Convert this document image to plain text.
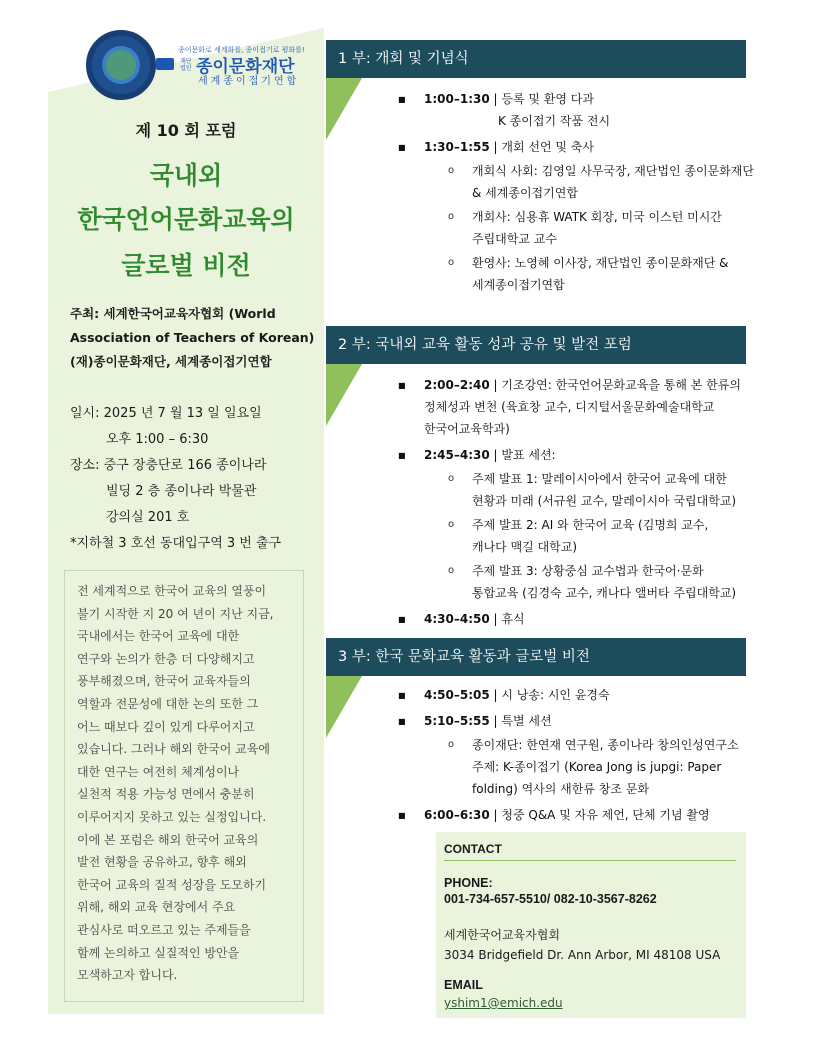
종이문화로 세계화를, 종이접기로 평화를!
재단법인 종이문화재단
세계종이접기연합
제 10 회 포럼
국내외
한국언어문화교육의
글로벌 비전
주최: 세계한국어교육자협회 (World
Association of Teachers of Korean)
(재)종이문화재단, 세계종이접기연합
일시: 2025 년 7 월 13 일 일요일
오후 1:00 – 6:30
장소: 중구 장충단로 166 종이나라
빌딩 2 층 종이나라 박물관
강의실 201 호
*지하철 3 호선 동대입구역 3 번 출구
전 세계적으로 한국어 교육의 열풍이
불기 시작한 지 20 여 년이 지난 지금,
국내에서는 한국어 교육에 대한
연구와 논의가 한층 더 다양해지고
풍부해졌으며, 한국어 교육자들의
역할과 전문성에 대한 논의 또한 그
어느 때보다 깊이 있게 다루어지고
있습니다. 그러나 해외 한국어 교육에
대한 연구는 여전히 체계성이나
실천적 적용 가능성 면에서 충분히
이루어지지 못하고 있는 실정입니다.
이에 본 포럼은 해외 한국어 교육의
발전 현황을 공유하고, 향후 해외
한국어 교육의 질적 성장을 도모하기
위해, 해외 교육 현장에서 주요
관심사로 떠오르고 있는 주제들을
함께 논의하고 실질적인 방안을
모색하고자 합니다.
1 부: 개회 및 기념식
2 부: 국내외 교육 활동 성과 공유 및 발전 포럼
3 부: 한국 문화교육 활동과 글로벌 비전
■ 1:00–1:30 | 등록 및 환영 다과
K 종이접기 작품 전시
■ 1:30–1:55 | 개회 선언 및 축사
o 개회식 사회: 김영일 사무국장, 재단법인 종이문화재단
& 세계종이접기연합
o 개회사: 심용휴 WATK 회장, 미국 이스턴 미시간
주립대학교 교수
o 환영사: 노영혜 이사장, 재단법인 종이문화재단 &
세계종이접기연합
■ 2:00–2:40 | 기조강연: 한국언어문화교육을 통해 본 한류의
정체성과 변천 (육효창 교수, 디지털서울문화예술대학교
한국어교육학과)
■ 2:45–4:30 | 발표 세션:
o 주제 발표 1: 말레이시아에서 한국어 교육에 대한
현황과 미래 (서규원 교수, 말레이시아 국립대학교)
o 주제 발표 2: AI 와 한국어 교육 (김명희 교수,
캐나다 맥길 대학교)
o 주제 발표 3: 상황중심 교수법과 한국어·문화
통합교육 (김경숙 교수, 캐나다 앨버타 주립대학교)
■ 4:30–4:50 | 휴식
■ 4:50–5:05 | 시 낭송: 시인 윤경숙
■ 5:10–5:55 | 특별 세션
o 종이재단: 한연재 연구원, 종이나라 창의인성연구소
주제: K-종이접기 (Korea Jong is jupgi: Paper
folding) 역사의 새한류 창조 문화
■ 6:00–6:30 | 청중 Q&A 및 자유 제언, 단체 기념 촬영
CONTACT
PHONE:
001-734-657-5510/ 082-10-3567-8262
세계한국어교육자협회
3034 Bridgefield Dr. Ann Arbor, MI 48108 USA
EMAIL
yshim1@emich.edu
